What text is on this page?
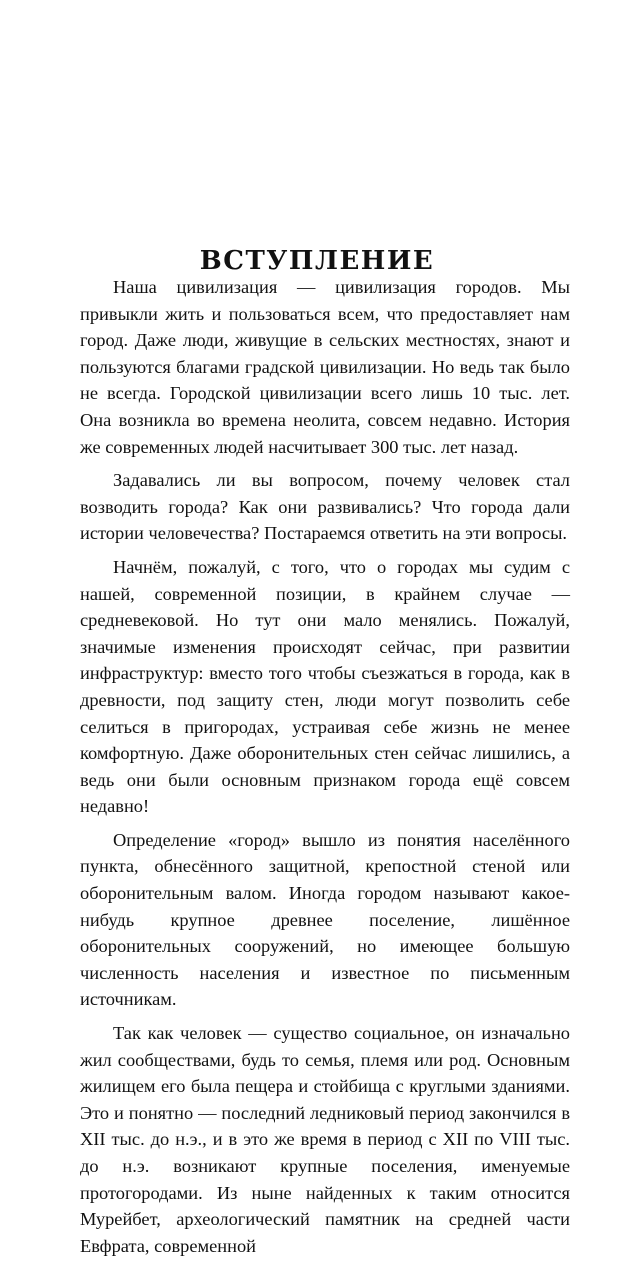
ВСТУПЛЕНИЕ

Наша цивилизация — цивилизация городов. Мы привыкли жить и пользоваться всем, что предоставляет нам город. Даже люди, живущие в сельских местностях, знают и пользуются благами градской цивилизации. Но ведь так было не всегда. Городской цивилизации всего лишь 10 тыс. лет. Она возникла во времена неолита, совсем недавно. История же современных людей насчитывает 300 тыс. лет назад.

Задавались ли вы вопросом, почему человек стал возводить города? Как они развивались? Что города дали истории человечества? Постараемся ответить на эти вопросы.

Начнём, пожалуй, с того, что о городах мы судим с нашей, современной позиции, в крайнем случае — средневековой. Но тут они мало менялись. Пожалуй, значимые изменения происходят сейчас, при развитии инфраструктур: вместо того чтобы съезжаться в города, как в древности, под защиту стен, люди могут позволить себе селиться в пригородах, устраивая себе жизнь не менее комфортную. Даже оборонительных стен сейчас лишились, а ведь они были основным признаком города ещё совсем недавно!

Определение «город» вышло из понятия населённого пункта, обнесённого защитной, крепостной стеной или оборонительным валом. Иногда городом называют какое-нибудь крупное древнее поселение, лишённое оборонительных сооружений, но имеющее большую численность населения и известное по письменным источникам.

Так как человек — существо социальное, он изначально жил сообществами, будь то семья, племя или род. Основным жилищем его была пещера и стойбища с круглыми зданиями. Это и понятно — последний ледниковый период закончился в XII тыс. до н.э., и в это же время в период с XII по VIII тыс. до н.э. возникают крупные поселения, именуемые протогородами. Из ныне найденных к таким относится Мурейбет, археологический памятник на средней части Евфрата, современной
